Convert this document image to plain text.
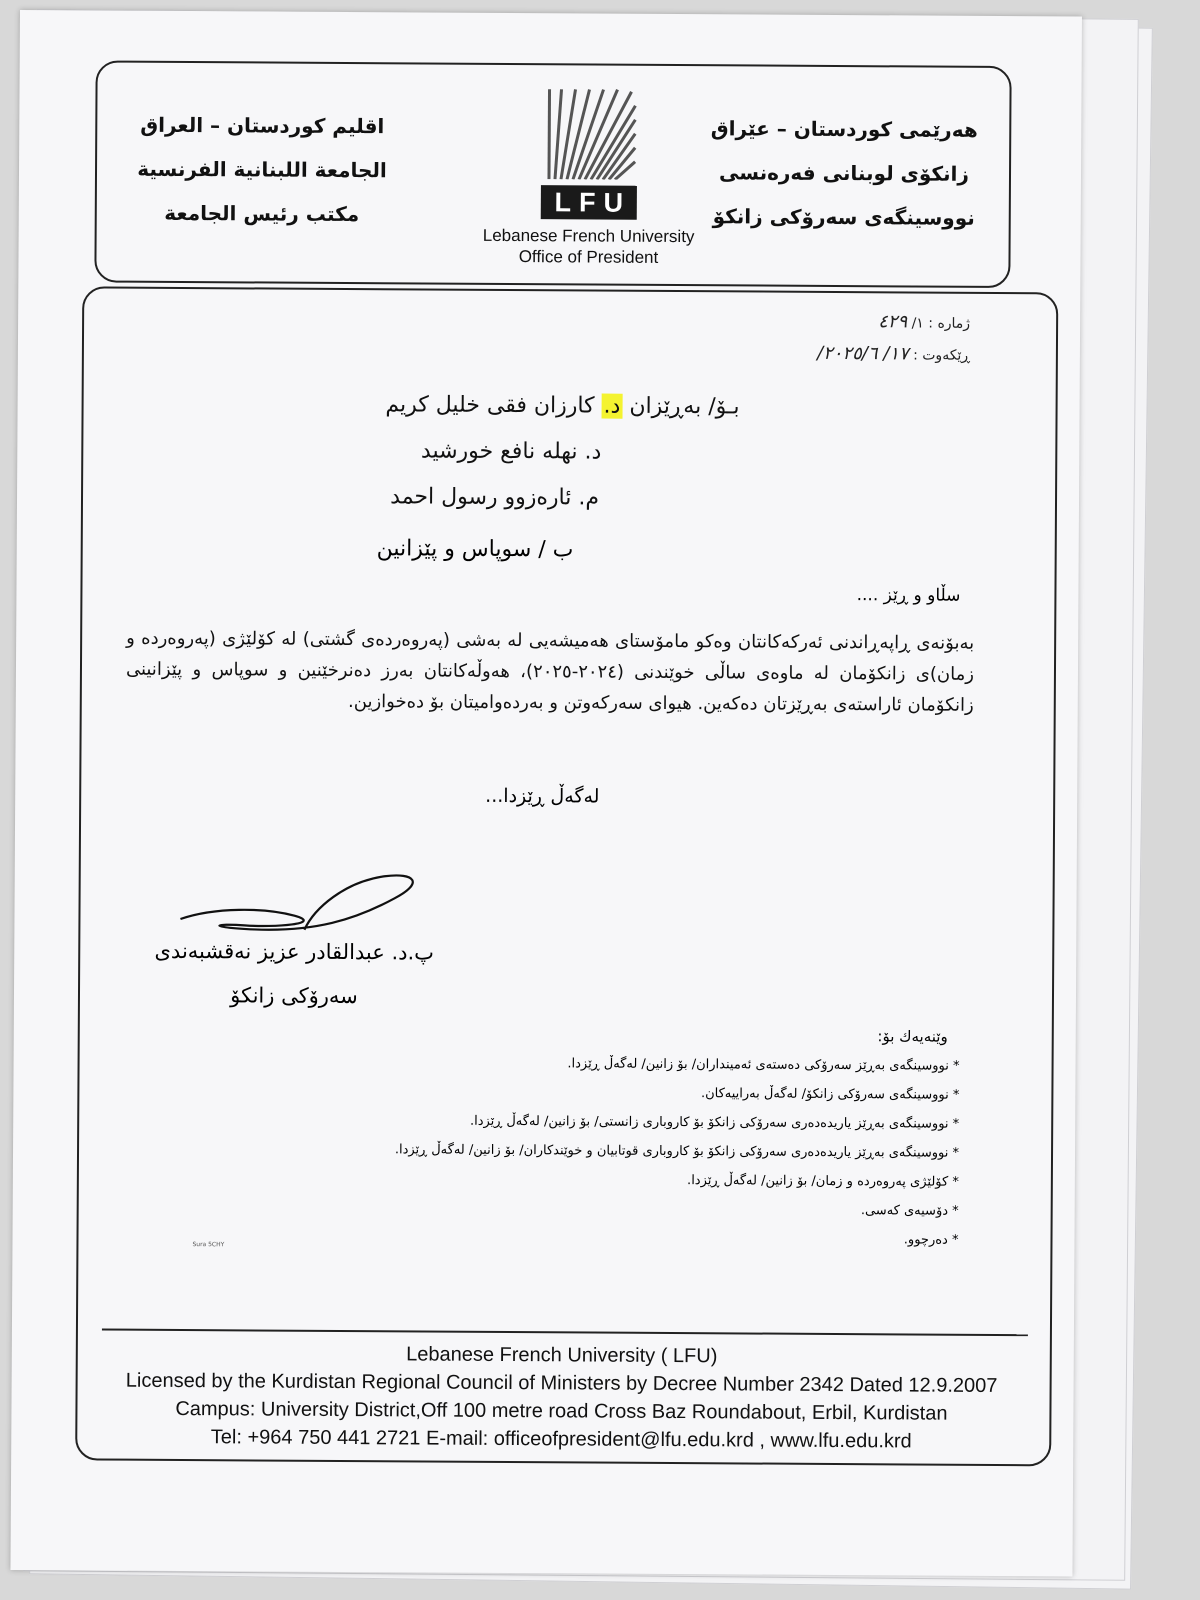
اقليم كوردستان – العراق
الجامعة اللبنانية الفرنسية
مكتب رئيس الجامعة	LFU
Lebanese French University
Office of President
هەرێمی كوردستان – عێراق
زانكۆی لوبنانی فەرەنسی
نووسینگەی سەرۆكی زانكۆ
ژماره : ١/ ٤٢٩
ڕێکەوت : ١٧/ ٢٠٢٥/٦/
بـۆ/ بەڕێزان د. كارزان فقى خليل كريم
د. نهله نافع خورشيد
م. ئارەزوو رسول احمد
ب / سوپاس و پێزانین
سڵاو و ڕێز ....
بەبۆنەی ڕاپەڕاندنی ئەرکەکانتان وەکو مامۆستای هەمیشەیی لە بەشی (پەروەردەی گشتی) لە کۆلێژی (پەروەردە و زمان)ی زانکۆمان لە ماوەی ساڵی خوێندنی (٢٠٢٤-٢٠٢٥)، هەوڵەکانتان بەرز دەنرخێنین و سوپاس و پێزانینی زانکۆمان ئاراستەی بەڕێزتان دەکەین. هیوای سەرکەوتن و بەردەوامیتان بۆ دەخوازین.
لەگەڵ ڕێزدا...
پ.د. عبدالقادر عزيز نەقشبەندی
سەرۆكی زانكۆ
وێنەیەك بۆ:
* نووسینگەی بەڕێز سەرۆکی دەستەی ئەمینداران/ بۆ زانین/ لەگەڵ ڕێزدا.
* نووسینگەی سەرۆکی زانکۆ/ لەگەڵ بەراییەکان.
* نووسینگەی بەڕێز یاریدەدەری سەرۆکی زانکۆ بۆ کاروباری زانستی/ بۆ زانین/ لەگەڵ ڕێزدا.
* نووسینگەی بەڕێز یاریدەدەری سەرۆکی زانکۆ بۆ کاروباری قوتابیان و خوێندکاران/ بۆ زانین/ لەگەڵ ڕێزدا.
* کۆلێژی پەروەردە و زمان/ بۆ زانین/ لەگەڵ ڕێزدا.
* دۆسیەی کەسی.
* دەرچوو.
Sura 5CHY
Lebanese French University ( LFU)
Licensed by the Kurdistan Regional Council of Ministers by Decree Number 2342 Dated 12.9.2007
Campus: University District,Off 100 metre road Cross Baz Roundabout, Erbil, Kurdistan
Tel: +964 750 441 2721 E-mail: officeofpresident@lfu.edu.krd , www.lfu.edu.krd
